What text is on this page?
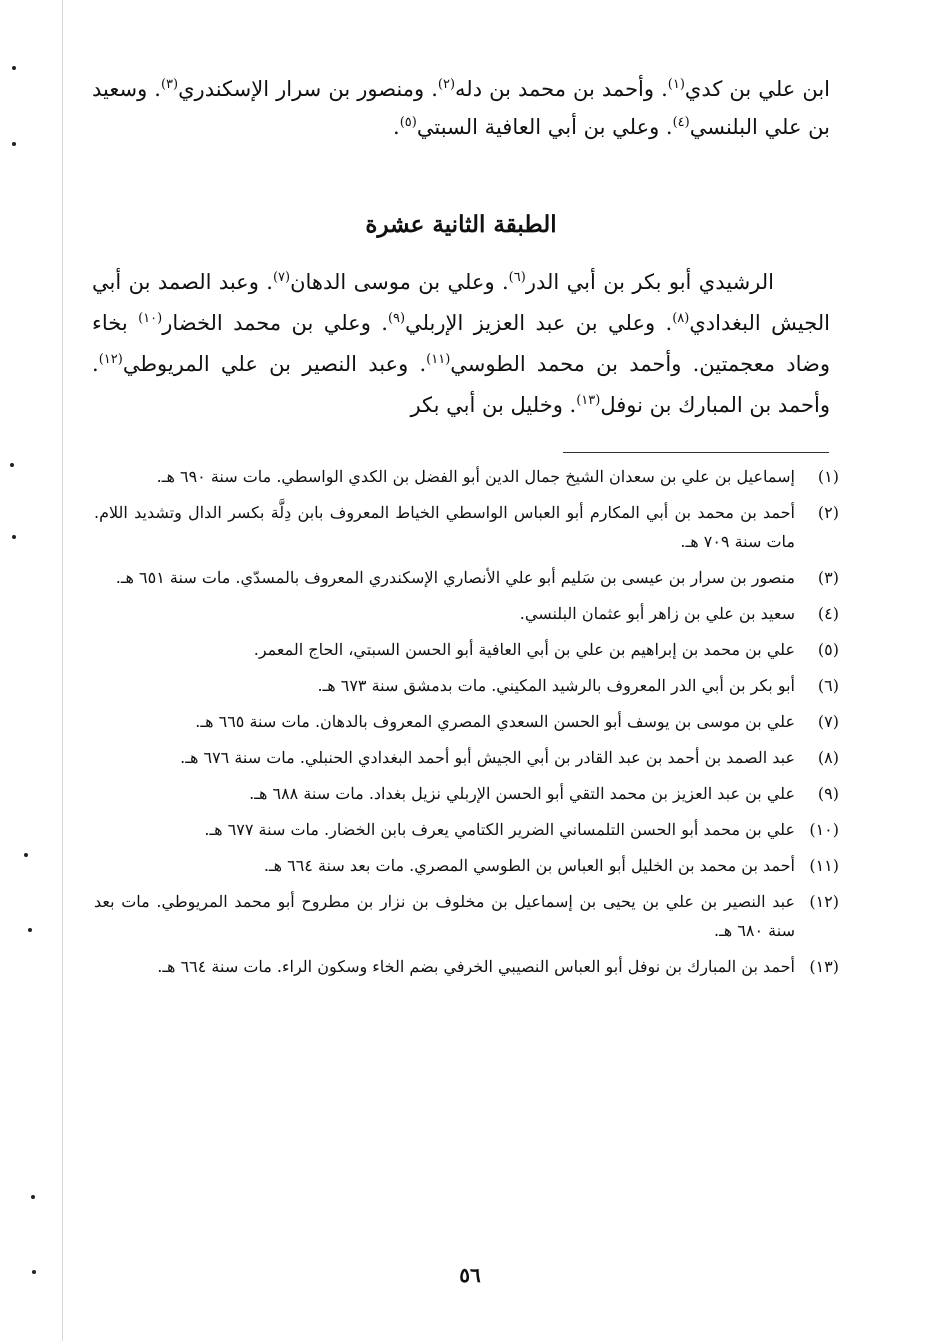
ابن علي بن كدي$^{(١)}$. وأحمد بن محمد بن دله$^{(٢)}$. ومنصور بن سرار الإسكندري$^{(٣)}$. وسعيد بن علي البلنسي$^{(٤)}$. وعلي بن أبي العافية السبتي$^{(٥)}$.
الطبقة الثانية عشرة
الرشيدي أبو بكر بن أبي الدر$^{(٦)}$. وعلي بن موسى الدهان$^{(٧)}$. وعبد الصمد بن أبي الجيش البغدادي$^{(٨)}$. وعلي بن عبد العزيز الإربلي$^{(٩)}$. وعلي بن محمد الخضار$^{(١٠)}$ بخاء وضاد معجمتين. وأحمد بن محمد الطوسي$^{(١١)}$. وعبد النصير بن علي المريوطي$^{(١٢)}$. وأحمد بن المبارك بن نوفل$^{(١٣)}$. وخليل بن أبي بكر
(١)
إسماعيل بن علي بن سعدان الشيخ جمال الدين أبو الفضل بن الكدي الواسطي. مات سنة ٦٩٠ هـ.
(٢)
أحمد بن محمد بن أبي المكارم أبو العباس الواسطي الخياط المعروف بابن دِلَّة بكسر الدال وتشديد اللام. مات سنة ٧٠٩ هـ.
(٣)
منصور بن سرار بن عيسى بن سَليم أبو علي الأنصاري الإسكندري المعروف بالمسدّي. مات سنة ٦٥١ هـ.
(٤)
سعيد بن علي بن زاهر أبو عثمان البلنسي.
(٥)
علي بن محمد بن إبراهيم بن علي بن أبي العافية أبو الحسن السبتي، الحاج المعمر.
(٦)
أبو بكر بن أبي الدر المعروف بالرشيد المكيني. مات بدمشق سنة ٦٧٣ هـ.
(٧)
علي بن موسى بن يوسف أبو الحسن السعدي المصري المعروف بالدهان. مات سنة ٦٦٥ هـ.
(٨)
عبد الصمد بن أحمد بن عبد القادر بن أبي الجيش أبو أحمد البغدادي الحنبلي. مات سنة ٦٧٦ هـ.
(٩)
علي بن عبد العزيز بن محمد التقي أبو الحسن الإربلي نزيل بغداد. مات سنة ٦٨٨ هـ.
(١٠)
علي بن محمد أبو الحسن التلمساني الضرير الكتامي يعرف بابن الخضار. مات سنة ٦٧٧ هـ.
(١١)
أحمد بن محمد بن الخليل أبو العباس بن الطوسي المصري. مات بعد سنة ٦٦٤ هـ.
(١٢)
عبد النصير بن علي بن يحيى بن إسماعيل بن مخلوف بن نزار بن مطروح أبو محمد المريوطي. مات بعد سنة ٦٨٠ هـ.
(١٣)
أحمد بن المبارك بن نوفل أبو العباس النصيبي الخرفي بضم الخاء وسكون الراء. مات سنة ٦٦٤ هـ.
٥٦
